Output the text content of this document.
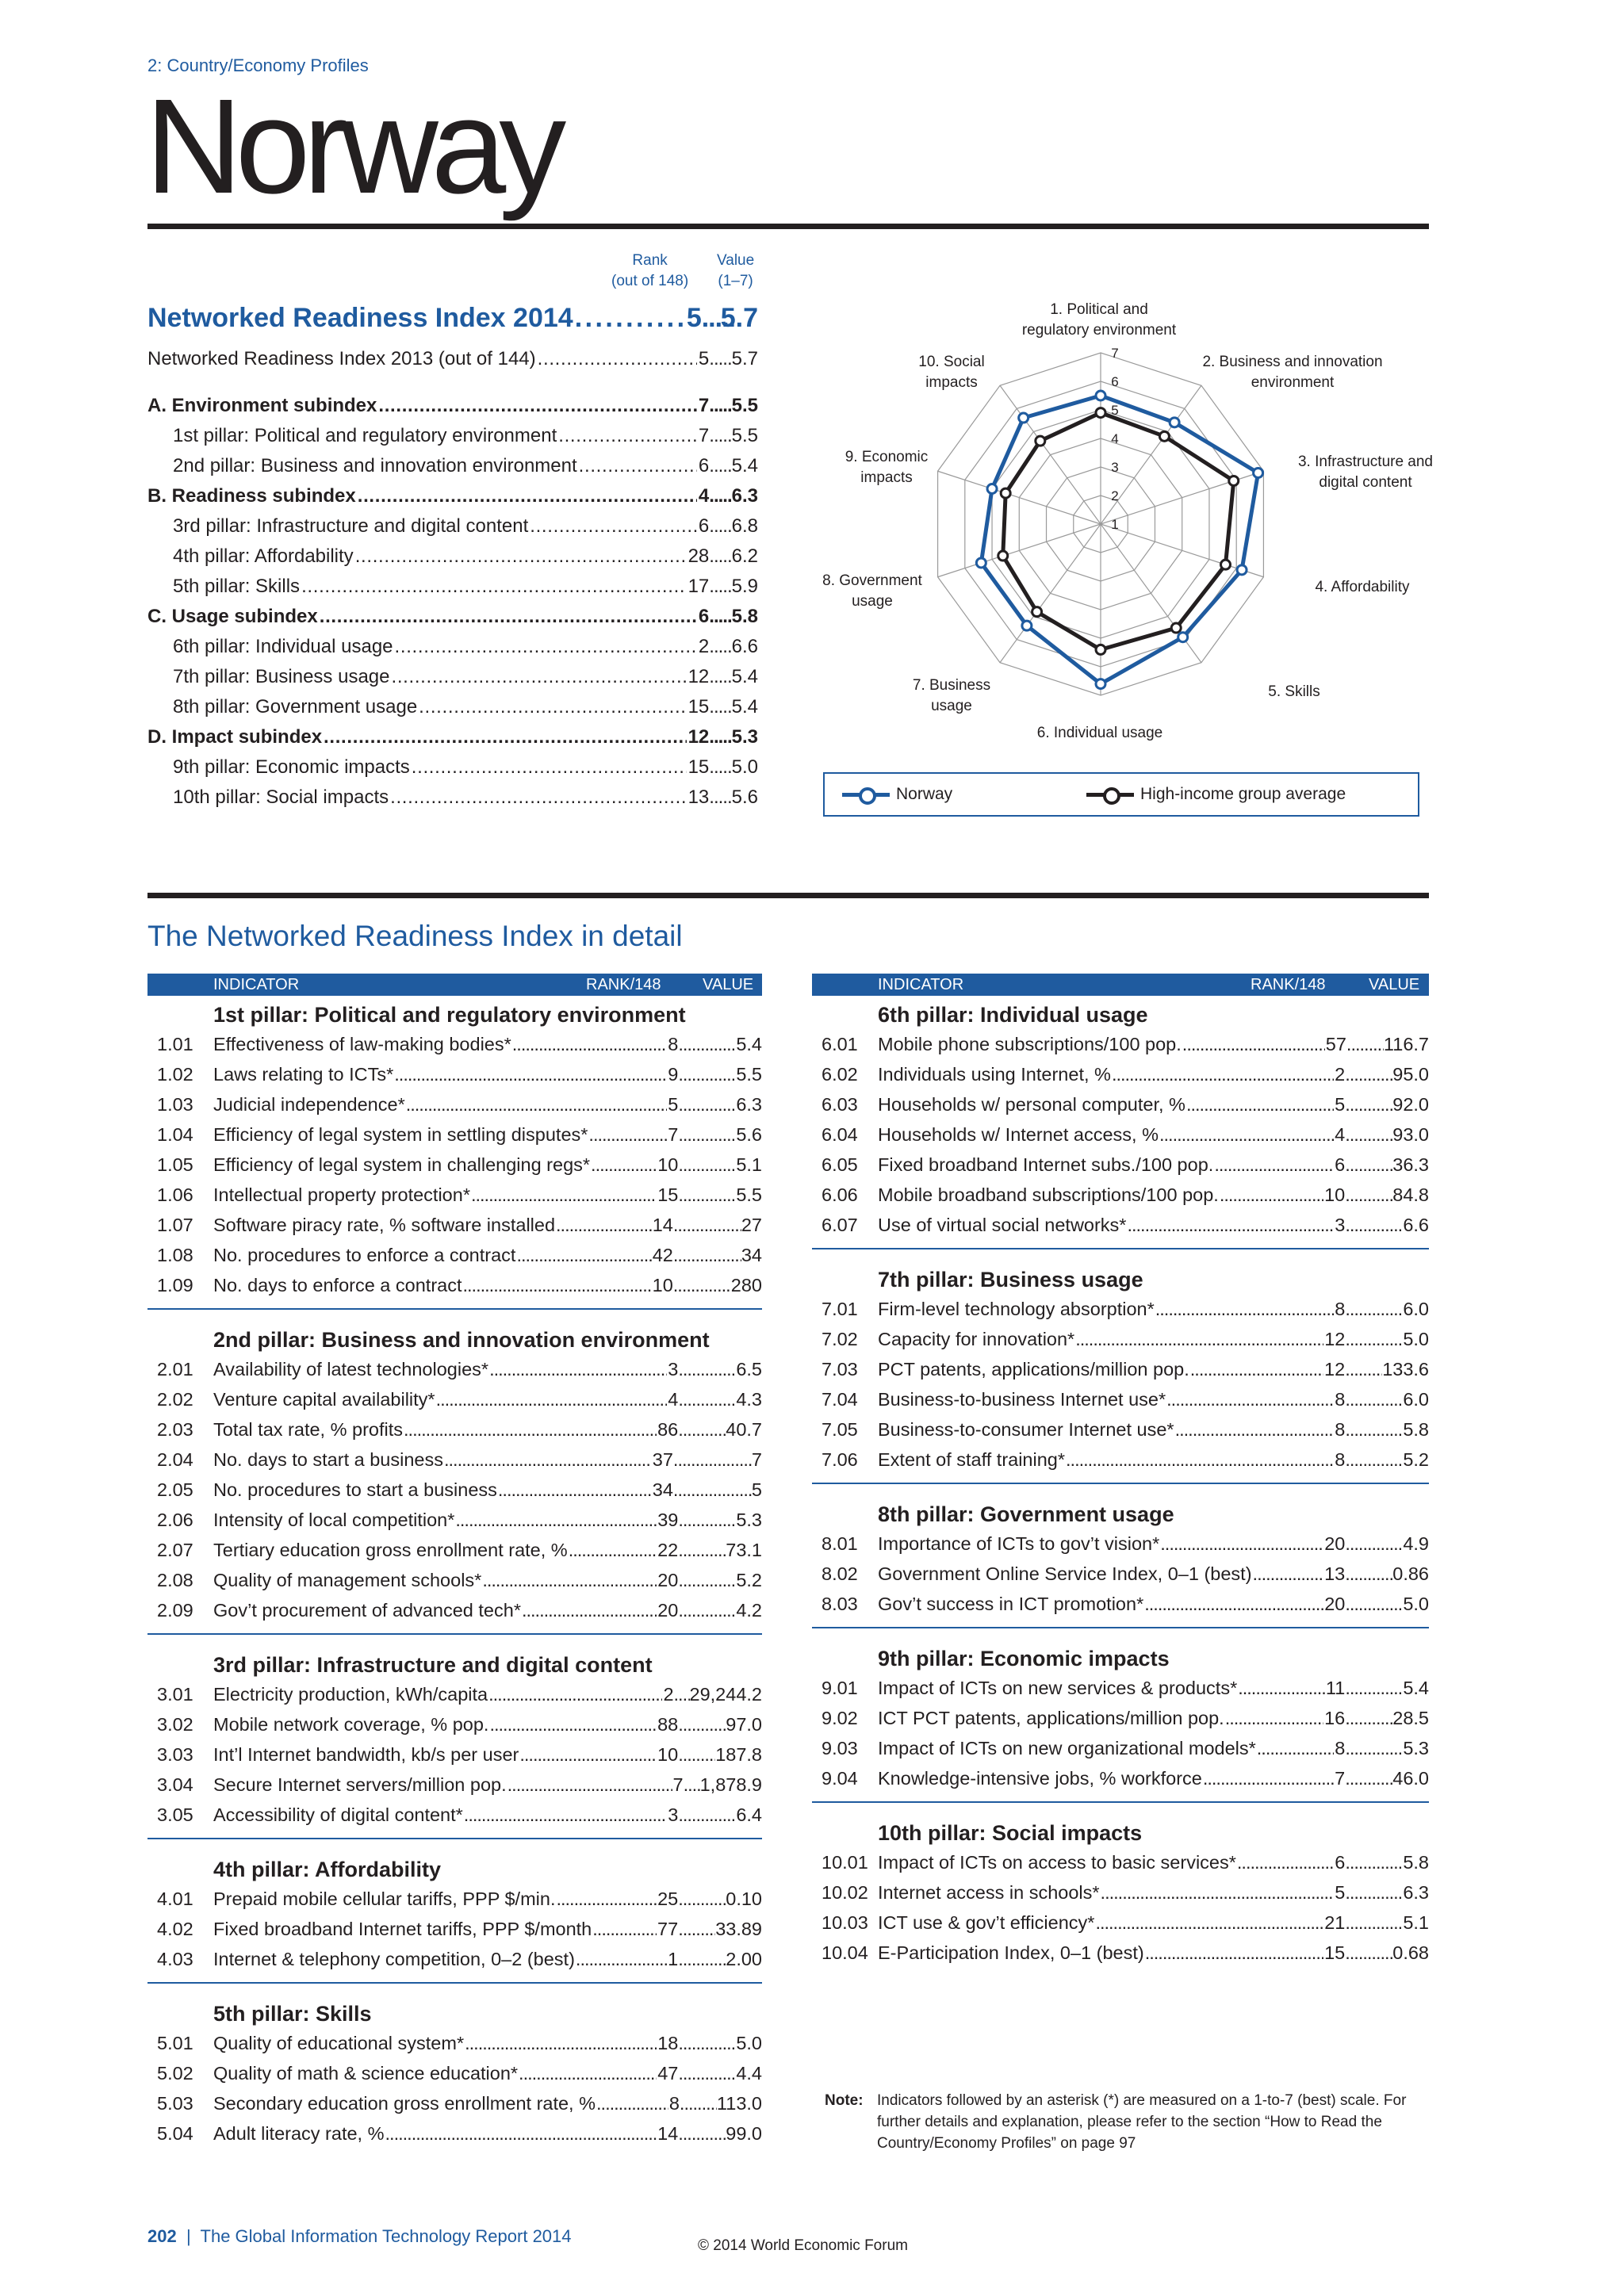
2: Country/Economy Profiles
Norway
Rank
(out of 148)
Value
(1–7)
Networked Readiness Index 2014 . . .	5 ..... 5.7
Networked Readiness Index 2013 (out of 144) . . .	5 ..... 5.7
A. Environment subindex . . .	7 ..... 5.5
1st pillar: Political and regulatory environment . . .	7 ..... 5.5
2nd pillar: Business and innovation environment . . .	6 ..... 5.4
B. Readiness subindex . . .	4 ..... 6.3
3rd pillar: Infrastructure and digital content . . .	6 ..... 6.8
4th pillar: Affordability . . .	28 ..... 6.2
5th pillar: Skills . . .	17 ..... 5.9
C. Usage subindex . . .	6 ..... 5.8
6th pillar: Individual usage . . .	2 ..... 6.6
7th pillar: Business usage . . .	12 ..... 5.4
8th pillar: Government usage . . .	15 ..... 5.4
D. Impact subindex . . .	12 ..... 5.3
9th pillar: Economic impacts . . .	15 ..... 5.0
10th pillar: Social impacts . . .	13 ..... 5.6
1
2
3
4
5
6
7
1. Political and regulatory environment
2. Business and innovation environment
3. Infrastructure and digital content
4. Affordability
5. Skills
6. Individual usage
7. Business usage
8. Government usage
9. Economic impacts
10. Social impacts
Norway	High-income group average
The Networked Readiness Index in detail
INDICATOR	RANK/148	VALUE
1st pillar: Political and regulatory environment
1.01	Effectiveness of law-making bodies* .....	8 .....	5.4
1.02	Laws relating to ICTs* .....	9 .....	5.5
1.03	Judicial independence* .....	5 .....	6.3
1.04	Efficiency of legal system in settling disputes* .....	7 .....	5.6
1.05	Efficiency of legal system in challenging regs* .....	10 .....	5.1
1.06	Intellectual property protection* .....	15 .....	5.5
1.07	Software piracy rate, % software installed .....	14 .....	27
1.08	No. procedures to enforce a contract .....	42 .....	34
1.09	No. days to enforce a contract .....	10 .....	280
2nd pillar: Business and innovation environment
2.01	Availability of latest technologies* .....	3 .....	6.5
2.02	Venture capital availability* .....	4 .....	4.3
2.03	Total tax rate, % profits .....	86 .....	40.7
2.04	No. days to start a business .....	37 .....	7
2.05	No. procedures to start a business .....	34 .....	5
2.06	Intensity of local competition* .....	39 .....	5.3
2.07	Tertiary education gross enrollment rate, % .....	22 .....	73.1
2.08	Quality of management schools* .....	20 .....	5.2
2.09	Gov’t procurement of advanced tech* .....	20 .....	4.2
3rd pillar: Infrastructure and digital content
3.01	Electricity production, kWh/capita .....	2 ..... 29,244.2
3.02	Mobile network coverage, % pop. .....	88 .....	97.0
3.03	Int’l Internet bandwidth, kb/s per user .....	10 ..... 187.8
3.04	Secure Internet servers/million pop. .....	7 ..... 1,878.9
3.05	Accessibility of digital content* .....	3 .....	6.4
4th pillar: Affordability
4.01	Prepaid mobile cellular tariffs, PPP $/min. .....	25 .....	0.10
4.02	Fixed broadband Internet tariffs, PPP $/month .....	77 ..... 33.89
4.03	Internet & telephony competition, 0–2 (best) .....	1 .....	2.00
5th pillar: Skills
5.01	Quality of educational system* .....	18 .....	5.0
5.02	Quality of math & science education* .....	47 .....	4.4
5.03	Secondary education gross enrollment rate, % .....	8 ..... 113.0
5.04	Adult literacy rate, % .....	14 .....	99.0
INDICATOR	RANK/148	VALUE
6th pillar: Individual usage
6.01	Mobile phone subscriptions/100 pop. .....	57 ..... 116.7
6.02	Individuals using Internet, % .....	2 .....	95.0
6.03	Households w/ personal computer, % .....	5 .....	92.0
6.04	Households w/ Internet access, % .....	4 .....	93.0
6.05	Fixed broadband Internet subs./100 pop. .....	6 .....	36.3
6.06	Mobile broadband subscriptions/100 pop. .....	10 .....	84.8
6.07	Use of virtual social networks* .....	3 .....	6.6
7th pillar: Business usage
7.01	Firm-level technology absorption* .....	8 .....	6.0
7.02	Capacity for innovation* .....	12 .....	5.0
7.03	PCT patents, applications/million pop. .....	12 ..... 133.6
7.04	Business-to-business Internet use* .....	8 .....	6.0
7.05	Business-to-consumer Internet use* .....	8 .....	5.8
7.06	Extent of staff training* .....	8 .....	5.2
8th pillar: Government usage
8.01	Importance of ICTs to gov’t vision* .....	20 .....	4.9
8.02	Government Online Service Index, 0–1 (best) .....	13 .....	0.86
8.03	Gov’t success in ICT promotion* .....	20 .....	5.0
9th pillar: Economic impacts
9.01	Impact of ICTs on new services & products* .....	11 .....	5.4
9.02	ICT PCT patents, applications/million pop. .....	16 .....	28.5
9.03	Impact of ICTs on new organizational models* .....	8 .....	5.3
9.04	Knowledge-intensive jobs, % workforce .....	7 .....	46.0
10th pillar: Social impacts
10.01 Impact of ICTs on access to basic services* .....	6 .....	5.8
10.02 Internet access in schools* .....	5 .....	6.3
10.03 ICT use & gov’t efficiency* .....	21 .....	5.1
10.04 E-Participation Index, 0–1 (best) .....	15 .....	0.68
Note: Indicators followed by an asterisk (*) are measured on a 1-to-7 (best) scale. For further details and explanation, please refer to the section “How to Read the Country/Economy Profiles” on page 97
202  |  The Global Information Technology Report 2014	© 2014 World Economic Forum
